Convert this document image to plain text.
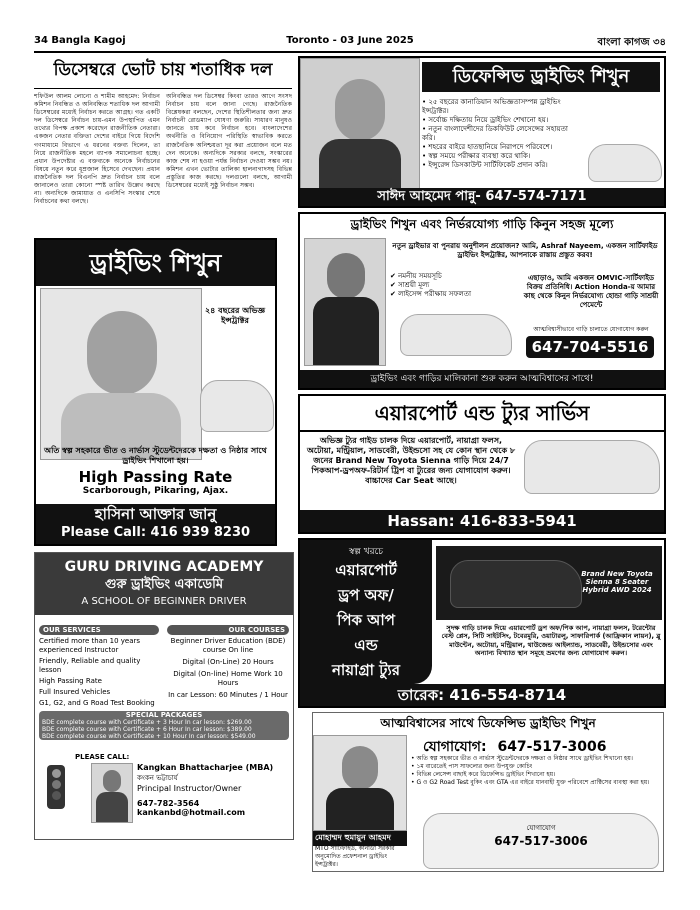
34 Bangla Kagoj	Toronto - 03 June 2025	বাংলা কাগজ ৩৪
ডিসেম্বরে ভোট চায় শতাধিক দল
শফিউল আলম লোনো ও শামীম আহমেদ: নির্বাচন কমিশন নিবন্ধিত ও অনিবন্ধিত শতাধিক দল আগামী ডিসেম্বরের মধ্যেই নির্বাচন করতে আগ্রহ। গত একটি দল ডিসেম্বরে নির্বাচন চায়-এমন উপস্থাপিত এমন তথ্যের বিপক্ষ প্রকাশ করেছেন রাজনীতিক নেতারা। একজন নেতার বক্তিতা দেশের বাইরে গিয়ে বিদেশি গণমাধ্যমে বিভাগে এ ধরনের বক্তব্য দিলেন, তা নিয়ে রাজনীতিক মহলে ব্যাপক সমালোচনা হচ্ছে। প্রধান উপদেষ্টার এ বক্তব্যকে অনেকে নির্বাচনের বিষয়ে নতুন করে ধূম্রজাল হিসেবে দেখছেন। প্রধান রাজনৈতিক দল বিএনপি দ্রুত নির্বাচন চায় বলে জানালেও তারা কোনো স্পষ্ট তারিখ উল্লেখ করছে না। অন্যদিকে জামায়াত ও এনসিপি সংস্কার শেষে নির্বাচনের কথা বলছে।
অনিবন্ধিত দল ডিসেম্বর কিংবা তারও আগে সংসদ নির্বাচন চায় বলে জানা গেছে। রাজনৈতিক বিশ্লেষকরা বলছেন, দেশের স্থিতিশীলতার জন্য দ্রুত নির্বাচনী রোডম্যাপ ঘোষণা জরুরি। সাধারণ মানুষও জানতে চায় কবে নির্বাচন হবে। বাংলাদেশের অর্থনীতি ও বিনিয়োগ পরিস্থিতি স্বাভাবিক করতে রাজনৈতিক অনিশ্চয়তা দূর করা প্রয়োজন বলে মত দেন অনেকে। অন্যদিকে সরকার বলছে, সংস্কারের কাজ শেষ না হওয়া পর্যন্ত নির্বাচন দেওয়া সম্ভব নয়। কমিশন এখন ভোটার তালিকা হালনাগাদসহ বিভিন্ন প্রস্তুতির কাজ করছে। দলগুলো বলছে, আগামী ডিসেম্বরের মধ্যেই সুষ্ঠু নির্বাচন সম্ভব।
ডিফেন্সিভ ড্রাইভিং শিখুন
• ২৫ বছরের কানাডিয়ান অভিজ্ঞতাসম্পন্ন ড্রাইভিং ইন্সট্রাক্টর।
• সর্বোচ্চ দক্ষিতায় নিয়ে ড্রাইভিং শেখানো হয়।
• নতুন বাংলাদেশীদের ডিকফিউট লেসেন্সের সহায়তা করি।
• শহরের বাইরে হাতছানিয়ে নিরাপদে পরিবেশে।
• স্বল্প সময়ে পরীক্ষার ব্যবস্থা করে থাকি।
• ইন্সুরেন্স ডিসকাউন্ট সার্টিফিকেট প্রদান করি।
সাঈদ আহমেদ পান্নু- 647-574-7171
ড্রাইভিং শিখুন
২৪ বছরের অভিজ্ঞ ইন্সট্রাক্টর
অতি স্বল্প সহকারে ভীত ও নার্ভাস স্টুডেন্টদেরকে দক্ষতা ও নিষ্ঠার সাথে ড্রাইভিং শিখানো হয়।
High Passing Rate
Scarborough, Pikaring, Ajax.
হাসিনা আক্তার জানু
Please Call: 416 939 8230
ড্রাইভিং শিখুন এবং নির্ভরযোগ্য গাড়ি কিনুন সহজ মূল্যে
নতুন ড্রাইভার বা পুনরায় অনুশীলন প্রয়োজন? আমি, Ashraf Nayeem, একজন সার্টিফাইড ড্রাইভিং ইন্সট্রাক্টর, আপনাকে রাস্তায় প্রস্তুত করব!
✔ নমনীয় সময়সূচি
✔ সাশ্রয়ী মূল্য
✔ লাইসেন্স পরীক্ষায় সফলতা
এছাড়াও, আমি একজন OMVIC-সার্টিফাইড বিক্রয় প্রতিনিধি। Action Honda-য় আমার কাছ থেকে কিনুন নির্ভরযোগ্য হোন্ডা গাড়ি সাশ্রয়ী পেমেন্টে
আত্মবিশ্বাসীভাবে গাড়ি চালাতে যোগাযোগ করুন
647-704-5516
ড্রাইভিং এবং গাড়ির মালিকানা শুরু করুন আত্মবিশ্বাসের সাথে!
এয়ারপোর্ট এন্ড ট্যুর সার্ভিস
অভিজ্ঞ ট্যুর গাইড চালক দিয়ে এয়ারপোর্ট, নায়াগ্রা ফলস, অটোয়া, মন্ট্রিয়াল, সাডবেরী, উইন্ডসো সহ যে কোন স্থান থেকে ৮ জনের Brand New Toyota Sienna গাড়ি দিয়ে 24/7 পিকআপ-ড্রপঅফ-রিটার্ন ট্রিপ বা ট্যুরের জন্য যোগাযোগ করুন। বাচ্চাদের Car Seat আছে।
Hassan: 416-833-5941
GURU DRIVING ACADEMY
গুরু ড্রাইভিং একাডেমি
A SCHOOL OF BEGINNER DRIVER
OUR SERVICES
Certified more than 10 years experienced Instructor
Friendly, Reliable and quality lesson
High Passing Rate
Full Insured Vehicles
G1, G2, and G Road Test Booking
OUR COURSES
Beginner Driver Education (BDE) course On line
Digital (On-Line) 20 Hours
Digital (On-line) Home Work 10 Hours
In car Lesson: 60 Minutes / 1 Hour
SPECIAL PACKAGES
BDE complete course with Certificate + 3 Hour In car lesson: $269.00
BDE complete course with Certificate + 6 Hour In car lesson: $389.00
BDE complete course with Certificate + 10 Hour In car lesson: $549.00
PLEASE CALL:
Kangkan Bhattacharjee (MBA)
কংকন ভট্টাচার্য
Principal Instructor/Owner
647-782-3564
kankanbd@hotmail.com
স্বল্প খরচে
এয়ারপোর্ট
ড্রপ অফ/
পিক আপ
এন্ড
নায়াগ্রা ট্যুর
Brand New Toyota Sienna 8 Seater Hybrid AWD 2024
সুদক্ষ গাড়ি চালক দিয়ে এয়ারপোর্ট ড্রপ অফ/পিক আপ, নায়াগ্রা ফলস, টরেন্টোর বেস্ট প্লেস, সিটি সাইটসিং, টবেরমুরি, ওয়াটারলু, সাফারিপার্ক (আফ্রিকান লায়ন), ব্লু মাউন্টেন, অটোয়া, মন্ট্রিয়াল, থাউজেন্ড আইল্যান্ড, সাডবেরী, উইন্ডসোর এবং অন্যান্য বিখ্যাত স্থান সমূহে ভ্রমণের জন্য যোগাযোগ করুন।
তারেক: 416-554-8714
আত্মবিশ্বাসের সাথে ডিফেন্সিভ ড্রাইভিং শিখুন
যোগাযোগ: 647-517-3006
• অতি স্বল্প সহকারে ভীত ও নার্ভাস স্টুডেন্টদেরকে দক্ষতা ও নিষ্ঠার সাথে ড্রাইভিং শিখানো হয়।
• ১ম বারেতেই পাস সাফল্যের জন্য উপযুক্ত কোচিং
• বিভিন্ন লেসেন্স বাছাই করে ডিফেন্সিভ ড্রাইভিং শিখানো হয়।
• G ও G2 Road Test বুকিং এবং GTA এর বাইরে যানবাহী যুক্ত পরিবেশে প্রাক্টিসের ব্যবস্থা করা হয়।
মোহাম্মদ হুমায়ুন আহমদ
MTO সার্টিফাইড, কানাডা সরকার অনুমোদিত প্রফেশনাল ড্রাইভিং ইন্সট্রাক্টর।
যোগাযোগ
647-517-3006
